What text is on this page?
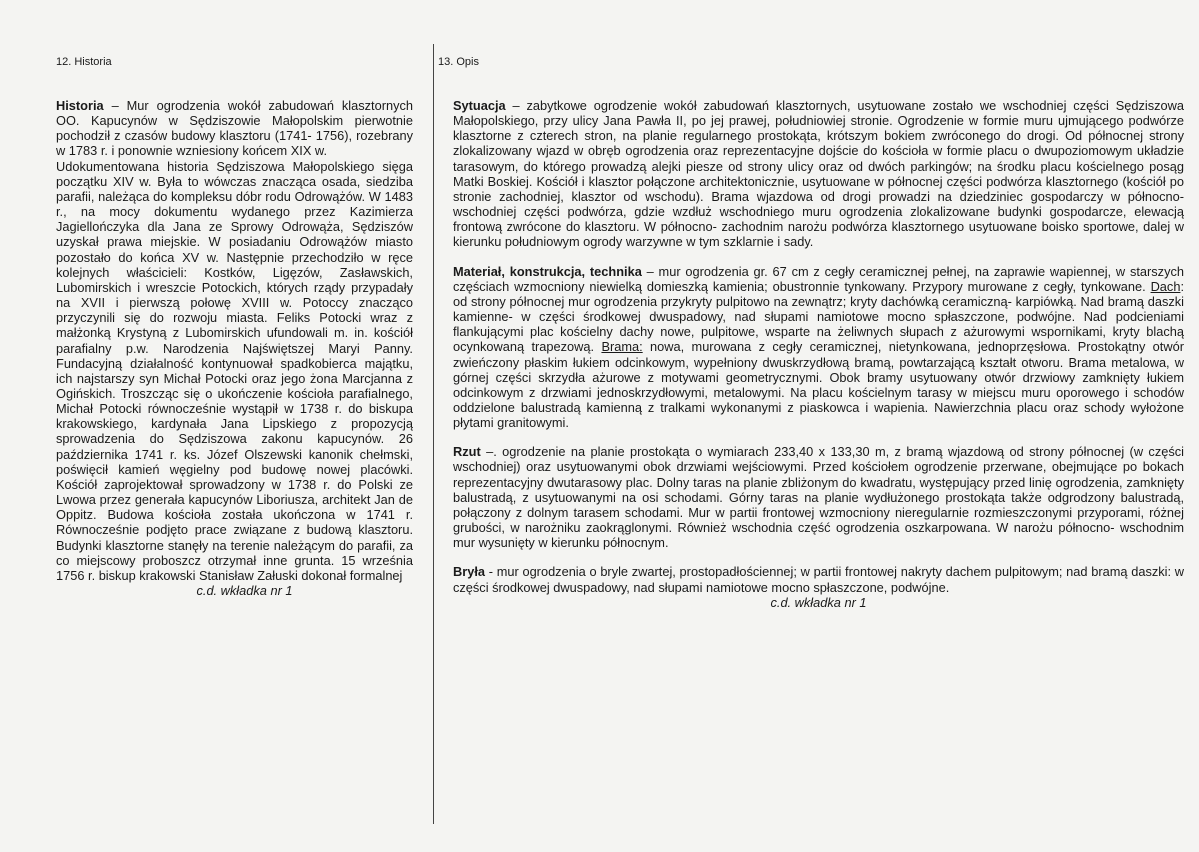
12. Historia	13. Opis

Historia – Mur ogrodzenia wokół zabudowań klasztornych OO. Kapucynów w Sędziszowie Małopolskim pierwotnie pochodził z czasów budowy klasztoru (1741- 1756), rozebrany w 1783 r. i ponownie wzniesiony końcem XIX w.

Udokumentowana historia Sędziszowa Małopolskiego sięga początku XIV w. Była to wówczas znacząca osada, siedziba parafii, należąca do kompleksu dóbr rodu Odrowążów. W 1483 r., na mocy dokumentu wydanego przez Kazimierza Jagiellończyka dla Jana ze Sprowy Odrowąża, Sędziszów uzyskał prawa miejskie. W posiadaniu Odrowążów miasto pozostało do końca XV w. Następnie przechodziło w ręce kolejnych właścicieli: Kostków, Ligęzów, Zasławskich, Lubomirskich i wreszcie Potockich, których rządy przypadały na XVII i pierwszą połowę XVIII w. Potoccy znacząco przyczynili się do rozwoju miasta. Feliks Potocki wraz z małżonką Krystyną z Lubomirskich ufundowali m. in. kościół parafialny p.w. Narodzenia Najświętszej Maryi Panny. Fundacyjną działalność kontynuował spadkobierca majątku, ich najstarszy syn Michał Potocki oraz jego żona Marcjanna z Ogińskich. Troszcząc się o ukończenie kościoła parafialnego, Michał Potocki równocześnie wystąpił w 1738 r. do biskupa krakowskiego, kardynała Jana Lipskiego z propozycją sprowadzenia do Sędziszowa zakonu kapucynów. 26 października 1741 r. ks. Józef Olszewski kanonik chełmski, poświęcił kamień węgielny pod budowę nowej placówki. Kościół zaprojektował sprowadzony w 1738 r. do Polski ze Lwowa przez generała kapucynów Liboriusza, architekt Jan de Oppitz. Budowa kościoła została ukończona w 1741 r. Równocześnie podjęto prace związane z budową klasztoru. Budynki klasztorne stanęły na terenie należącym do parafii, za co miejscowy proboszcz otrzymał inne grunta. 15 września 1756 r. biskup krakowski Stanisław Załuski dokonał formalnej

c.d. wkładka nr 1

Sytuacja – zabytkowe ogrodzenie wokół zabudowań klasztornych, usytuowane zostało we wschodniej części Sędziszowa Małopolskiego, przy ulicy Jana Pawła II, po jej prawej, południowiej stronie. Ogrodzenie w formie muru ujmującego podwórze klasztorne z czterech stron, na planie regularnego prostokąta, krótszym bokiem zwróconego do drogi. Od północnej strony zlokalizowany wjazd w obręb ogrodzenia oraz reprezentacyjne dojście do kościoła w formie placu o dwupoziomowym układzie tarasowym, do którego prowadzą alejki piesze od strony ulicy oraz od dwóch parkingów; na środku placu kościelnego posąg Matki Boskiej. Kościół i klasztor połączone architektonicznie, usytuowane w północnej części podwórza klasztornego (kościół po stronie zachodniej, klasztor od wschodu). Brama wjazdowa od drogi prowadzi na dziedziniec gospodarczy w północno- wschodniej części podwórza, gdzie wzdłuż wschodniego muru ogrodzenia zlokalizowane budynki gospodarcze, elewacją frontową zwrócone do klasztoru. W północno- zachodnim narożu podwórza klasztornego usytuowane boisko sportowe, dalej w kierunku południowym ogrody warzywne w tym szklarnie i sady.

Materiał, konstrukcja, technika – mur ogrodzenia gr. 67 cm z cegły ceramicznej pełnej, na zaprawie wapiennej, w starszych częściach wzmocniony niewielką domieszką kamienia; obustronnie tynkowany. Przypory murowane z cegły, tynkowane. Dach: od strony północnej mur ogrodzenia przykryty pulpitowo na zewnątrz; kryty dachówką ceramiczną- karpiówką. Nad bramą daszki kamienne- w części środkowej dwuspadowy, nad słupami namiotowe mocno spłaszczone, podwójne. Nad podcieniami flankującymi plac kościelny dachy nowe, pulpitowe, wsparte na żeliwnych słupach z ażurowymi wspornikami, kryty blachą ocynkowaną trapezową. Brama: nowa, murowana z cegły ceramicznej, nietynkowana, jednoprzęsłowa. Prostokątny otwór zwieńczony płaskim łukiem odcinkowym, wypełniony dwuskrzydłową bramą, powtarzającą kształt otworu. Brama metalowa, w górnej części skrzydła ażurowe z motywami geometrycznymi. Obok bramy usytuowany otwór drzwiowy zamknięty łukiem odcinkowym z drzwiami jednoskrzydłowymi, metalowymi. Na placu kościelnym tarasy w miejscu muru oporowego i schodów oddzielone balustradą kamienną z tralkami wykonanymi z piaskowca i wapienia. Nawierzchnia placu oraz schody wyłożone płytami granitowymi.

Rzut –. ogrodzenie na planie prostokąta o wymiarach 233,40 x 133,30 m, z bramą wjazdową od strony północnej (w części wschodniej) oraz usytuowanymi obok drzwiami wejściowymi. Przed kościołem ogrodzenie przerwane, obejmujące po bokach reprezentacyjny dwutarasowy plac. Dolny taras na planie zbliżonym do kwadratu, występujący przed linię ogrodzenia, zamknięty balustradą, z usytuowanymi na osi schodami. Górny taras na planie wydłużonego prostokąta także odgrodzony balustradą, połączony z dolnym tarasem schodami. Mur w partii frontowej wzmocniony nieregularnie rozmieszczonymi przyporami, różnej grubości, w narożniku zaokrąglonymi. Również wschodnia część ogrodzenia oszkarpowana. W narożu północno- wschodnim mur wysunięty w kierunku północnym.

Bryła - mur ogrodzenia o bryle zwartej, prostopadłościennej; w partii frontowej nakryty dachem pulpitowym; nad bramą daszki: w części środkowej dwuspadowy, nad słupami namiotowe mocno spłaszczone, podwójne.

c.d. wkładka nr 1
